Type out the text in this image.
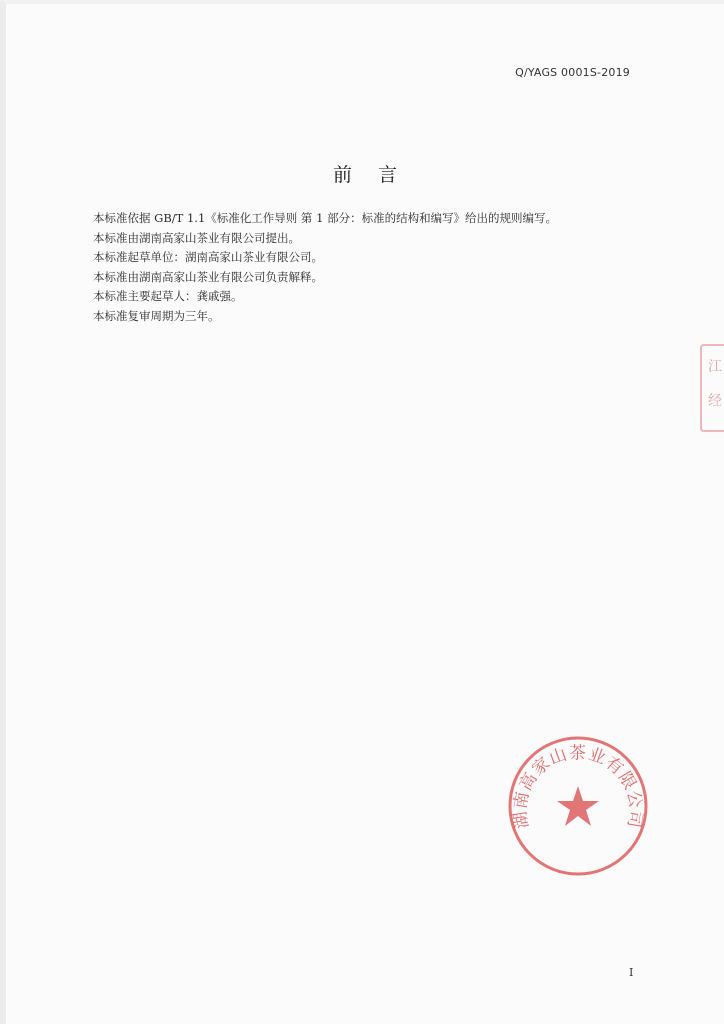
Q/YAGS 0001S-2019
前言
本标准依据 GB/T 1.1《标准化工作导则 第 1 部分：标准的结构和编写》给出的规则编写。
本标准由湖南高家山茶业有限公司提出。
本标准起草单位：湖南高家山茶业有限公司。
本标准由湖南高家山茶业有限公司负责解释。
本标准主要起草人：龚戚强。
本标准复审周期为三年。
湖南高家山茶业有限公司
江
经
I
